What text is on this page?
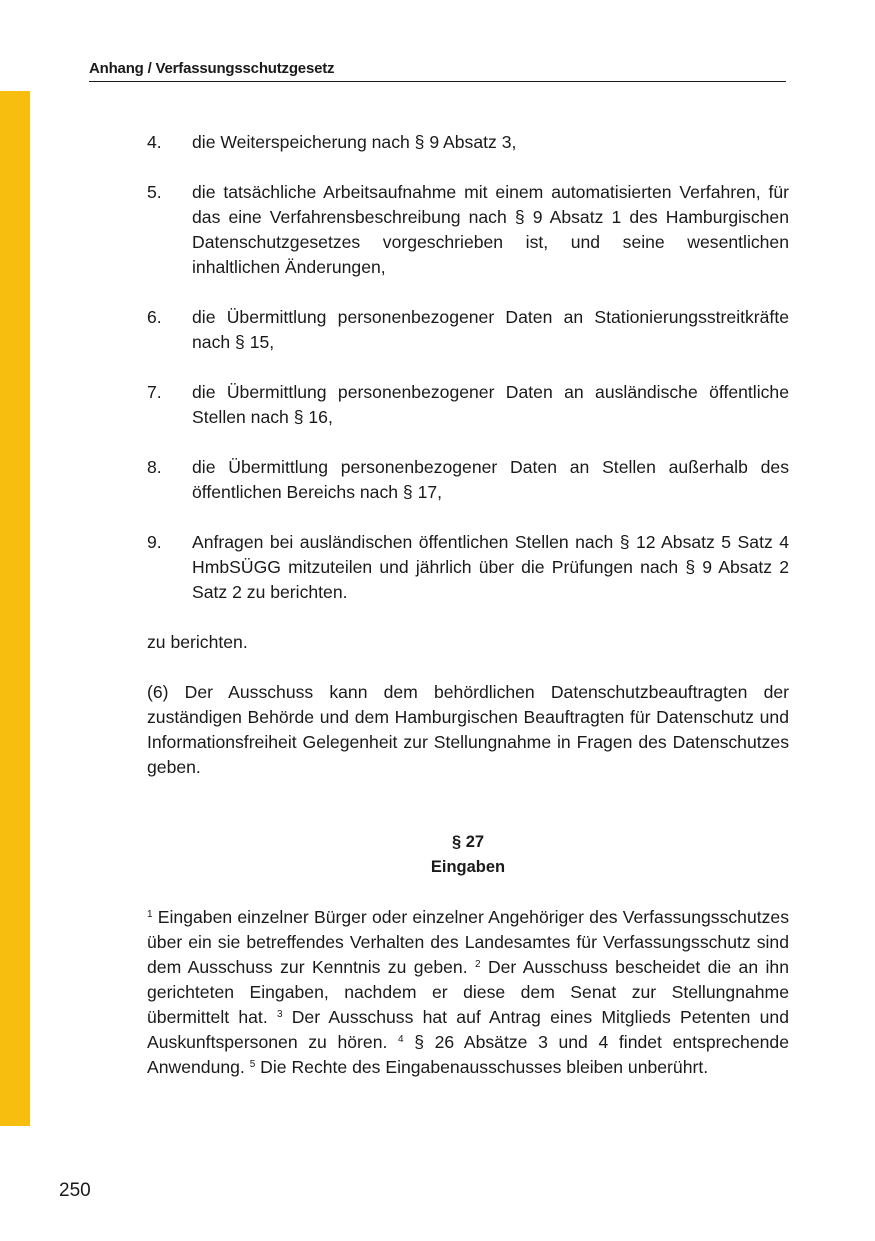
Anhang / Verfassungsschutzgesetz
4.	die Weiterspeicherung nach § 9 Absatz 3,
5.	die tatsächliche Arbeitsaufnahme mit einem automatisierten Verfahren, für das eine Verfahrensbeschreibung nach § 9 Absatz 1 des Hamburgischen Datenschutzgesetzes vorgeschrieben ist, und seine wesentlichen inhaltlichen Änderungen,
6.	die Übermittlung personenbezogener Daten an Stationierungsstreitkräfte nach § 15,
7.	die Übermittlung personenbezogener Daten an ausländische öffentliche Stellen nach § 16,
8.	die Übermittlung personenbezogener Daten an Stellen außerhalb des öffentlichen Bereichs nach § 17,
9.	Anfragen bei ausländischen öffentlichen Stellen nach § 12 Absatz 5 Satz 4 HmbSÜGG mitzuteilen und jährlich über die Prüfungen nach § 9 Absatz 2 Satz 2 zu berichten.

zu berichten.

(6) Der Ausschuss kann dem behördlichen Datenschutzbeauftragten der zuständigen Behörde und dem Hamburgischen Beauftragten für Datenschutz und Informationsfreiheit Gelegenheit zur Stellungnahme in Fragen des Datenschutzes geben.

§ 27
Eingaben
$^1$ Eingaben einzelner Bürger oder einzelner Angehöriger des Verfassungsschutzes über ein sie betreffendes Verhalten des Landesamtes für Verfassungsschutz sind dem Ausschuss zur Kenntnis zu geben. $^2$ Der Ausschuss bescheidet die an ihn gerichteten Eingaben, nachdem er diese dem Senat zur Stellungnahme übermittelt hat. $^3$ Der Ausschuss hat auf Antrag eines Mitglieds Petenten und Auskunftspersonen zu hören. $^4$ § 26 Absätze 3 und 4 findet entsprechende Anwendung. $^5$ Die Rechte des Eingabenausschusses bleiben unberührt.
250
